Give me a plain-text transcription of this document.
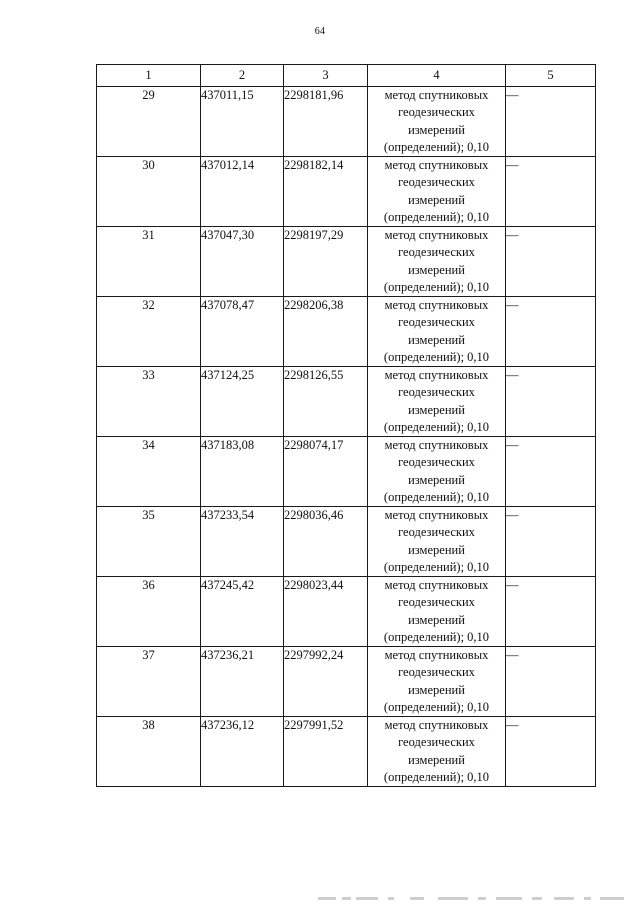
64
1	2	3	4	5
29	437011,15	2298181,96	метод спутниковых
геодезических
измерений
(определений); 0,10	—
30	437012,14	2298182,14	метод спутниковых
геодезических
измерений
(определений); 0,10	—
31	437047,30	2298197,29	метод спутниковых
геодезических
измерений
(определений); 0,10	—
32	437078,47	2298206,38	метод спутниковых
геодезических
измерений
(определений); 0,10	—
33	437124,25	2298126,55	метод спутниковых
геодезических
измерений
(определений); 0,10	—
34	437183,08	2298074,17	метод спутниковых
геодезических
измерений
(определений); 0,10	—
35	437233,54	2298036,46	метод спутниковых
геодезических
измерений
(определений); 0,10	—
36	437245,42	2298023,44	метод спутниковых
геодезических
измерений
(определений); 0,10	—
37	437236,21	2297992,24	метод спутниковых
геодезических
измерений
(определений); 0,10	—
38	437236,12	2297991,52	метод спутниковых
геодезических
измерений
(определений); 0,10	—
